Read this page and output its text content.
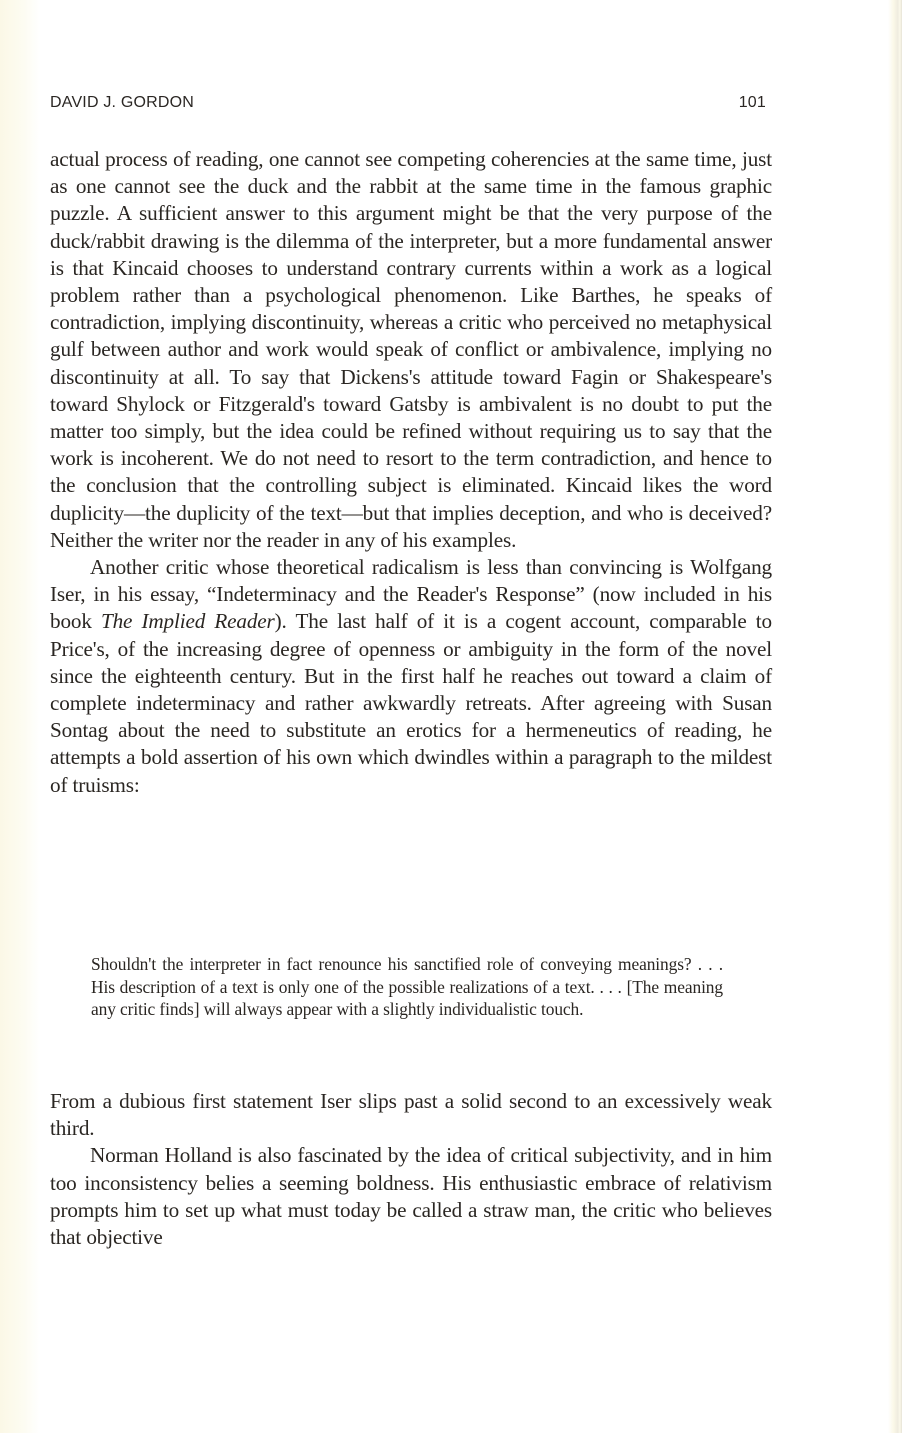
DAVID J. GORDON	101

actual process of reading, one cannot see competing coherencies at the same time, just as one cannot see the duck and the rabbit at the same time in the famous graphic puzzle. A sufficient answer to this argument might be that the very purpose of the duck/rabbit drawing is the dilemma of the interpreter, but a more fundamental answer is that Kincaid chooses to understand contrary currents within a work as a logical problem rather than a psychological phenomenon. Like Barthes, he speaks of contradiction, implying discontinuity, whereas a critic who perceived no metaphysical gulf between author and work would speak of conflict or ambivalence, implying no discontinuity at all. To say that Dickens's attitude toward Fagin or Shakespeare's toward Shylock or Fitzgerald's toward Gatsby is ambivalent is no doubt to put the matter too simply, but the idea could be refined without requiring us to say that the work is incoherent. We do not need to resort to the term contradiction, and hence to the conclusion that the controlling subject is eliminated. Kincaid likes the word duplicity—the duplicity of the text—but that implies deception, and who is deceived? Neither the writer nor the reader in any of his examples.

Another critic whose theoretical radicalism is less than convincing is Wolfgang Iser, in his essay, “Indeterminacy and the Reader's Response” (now included in his book The Implied Reader). The last half of it is a cogent account, comparable to Price's, of the increasing degree of openness or ambiguity in the form of the novel since the eighteenth century. But in the first half he reaches out toward a claim of complete indeterminacy and rather awkwardly retreats. After agreeing with Susan Sontag about the need to substitute an erotics for a hermeneutics of reading, he attempts a bold assertion of his own which dwindles within a paragraph to the mildest of truisms:

Shouldn't the interpreter in fact renounce his sanctified role of conveying meanings? . . . His description of a text is only one of the possible realizations of a text. . . . [The meaning any critic finds] will always appear with a slightly individualistic touch.

From a dubious first statement Iser slips past a solid second to an excessively weak third.

Norman Holland is also fascinated by the idea of critical subjectivity, and in him too inconsistency belies a seeming boldness. His enthusiastic embrace of relativism prompts him to set up what must today be called a straw man, the critic who believes that objective
